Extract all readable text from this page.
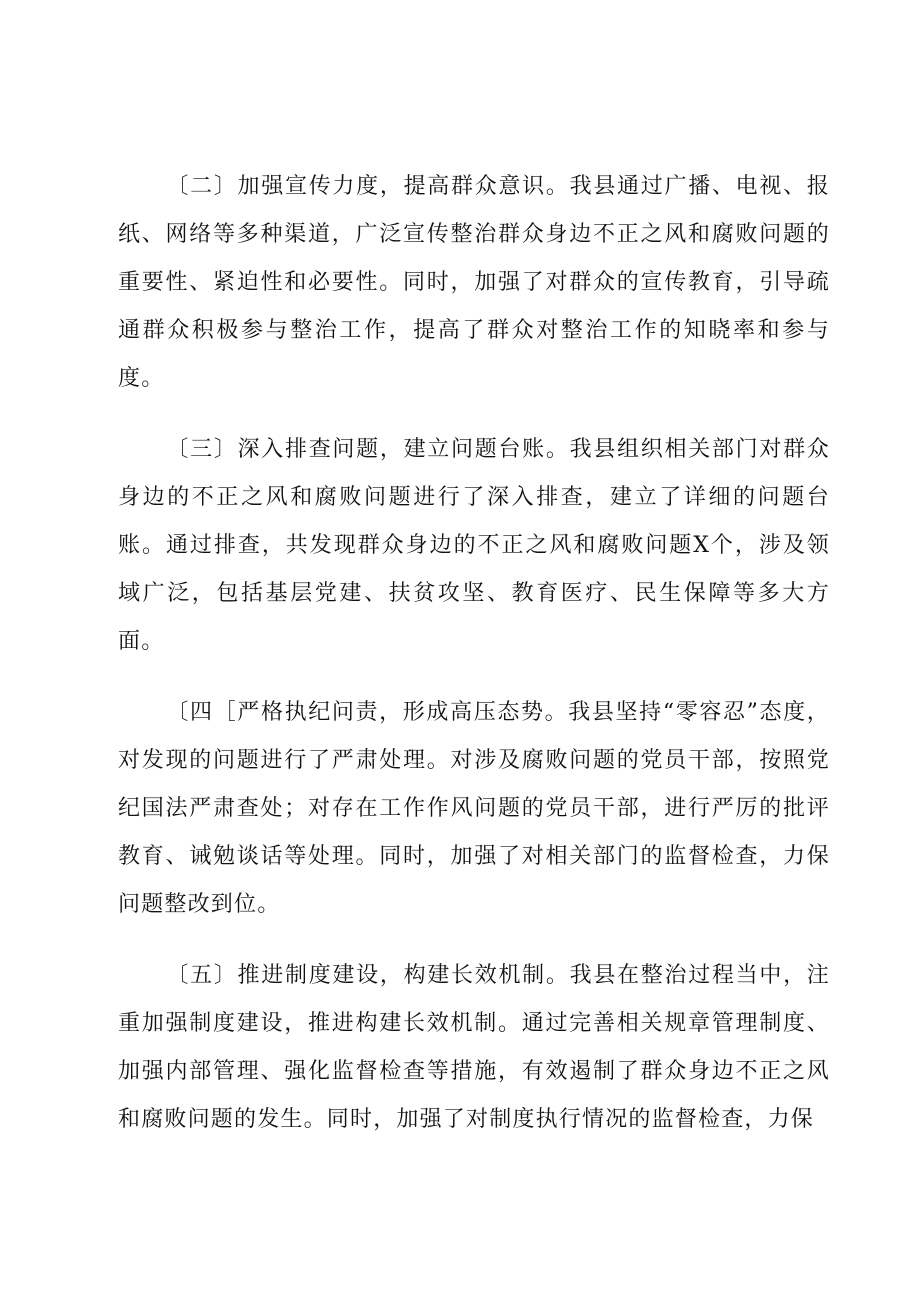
〔二〕加强宣传力度，提高群众意识。我县通过广播、电视、报纸、网络等多种渠道，广泛宣传整治群众身边不正之风和腐败问题的重要性、紧迫性和必要性。同时，加强了对群众的宣传教育，引导疏通群众积极参与整治工作，提高了群众对整治工作的知晓率和参与度。

〔三〕深入排查问题，建立问题台账。我县组织相关部门对群众身边的不正之风和腐败问题进行了深入排查，建立了详细的问题台账。通过排查，共发现群众身边的不正之风和腐败问题X个，涉及领域广泛，包括基层党建、扶贫攻坚、教育医疗、民生保障等多大方面。

〔四［严格执纪问责，形成高压态势。我县坚持“零容忍”态度，对发现的问题进行了严肃处理。对涉及腐败问题的党员干部，按照党纪国法严肃查处；对存在工作作风问题的党员干部，进行严厉的批评教育、诫勉谈话等处理。同时，加强了对相关部门的监督检查，力保问题整改到位。

〔五〕推进制度建设，构建长效机制。我县在整治过程当中，注重加强制度建设，推进构建长效机制。通过完善相关规章管理制度、加强内部管理、强化监督检查等措施，有效遏制了群众身边不正之风和腐败问题的发生。同时，加强了对制度执行情况的监督检查，力保
